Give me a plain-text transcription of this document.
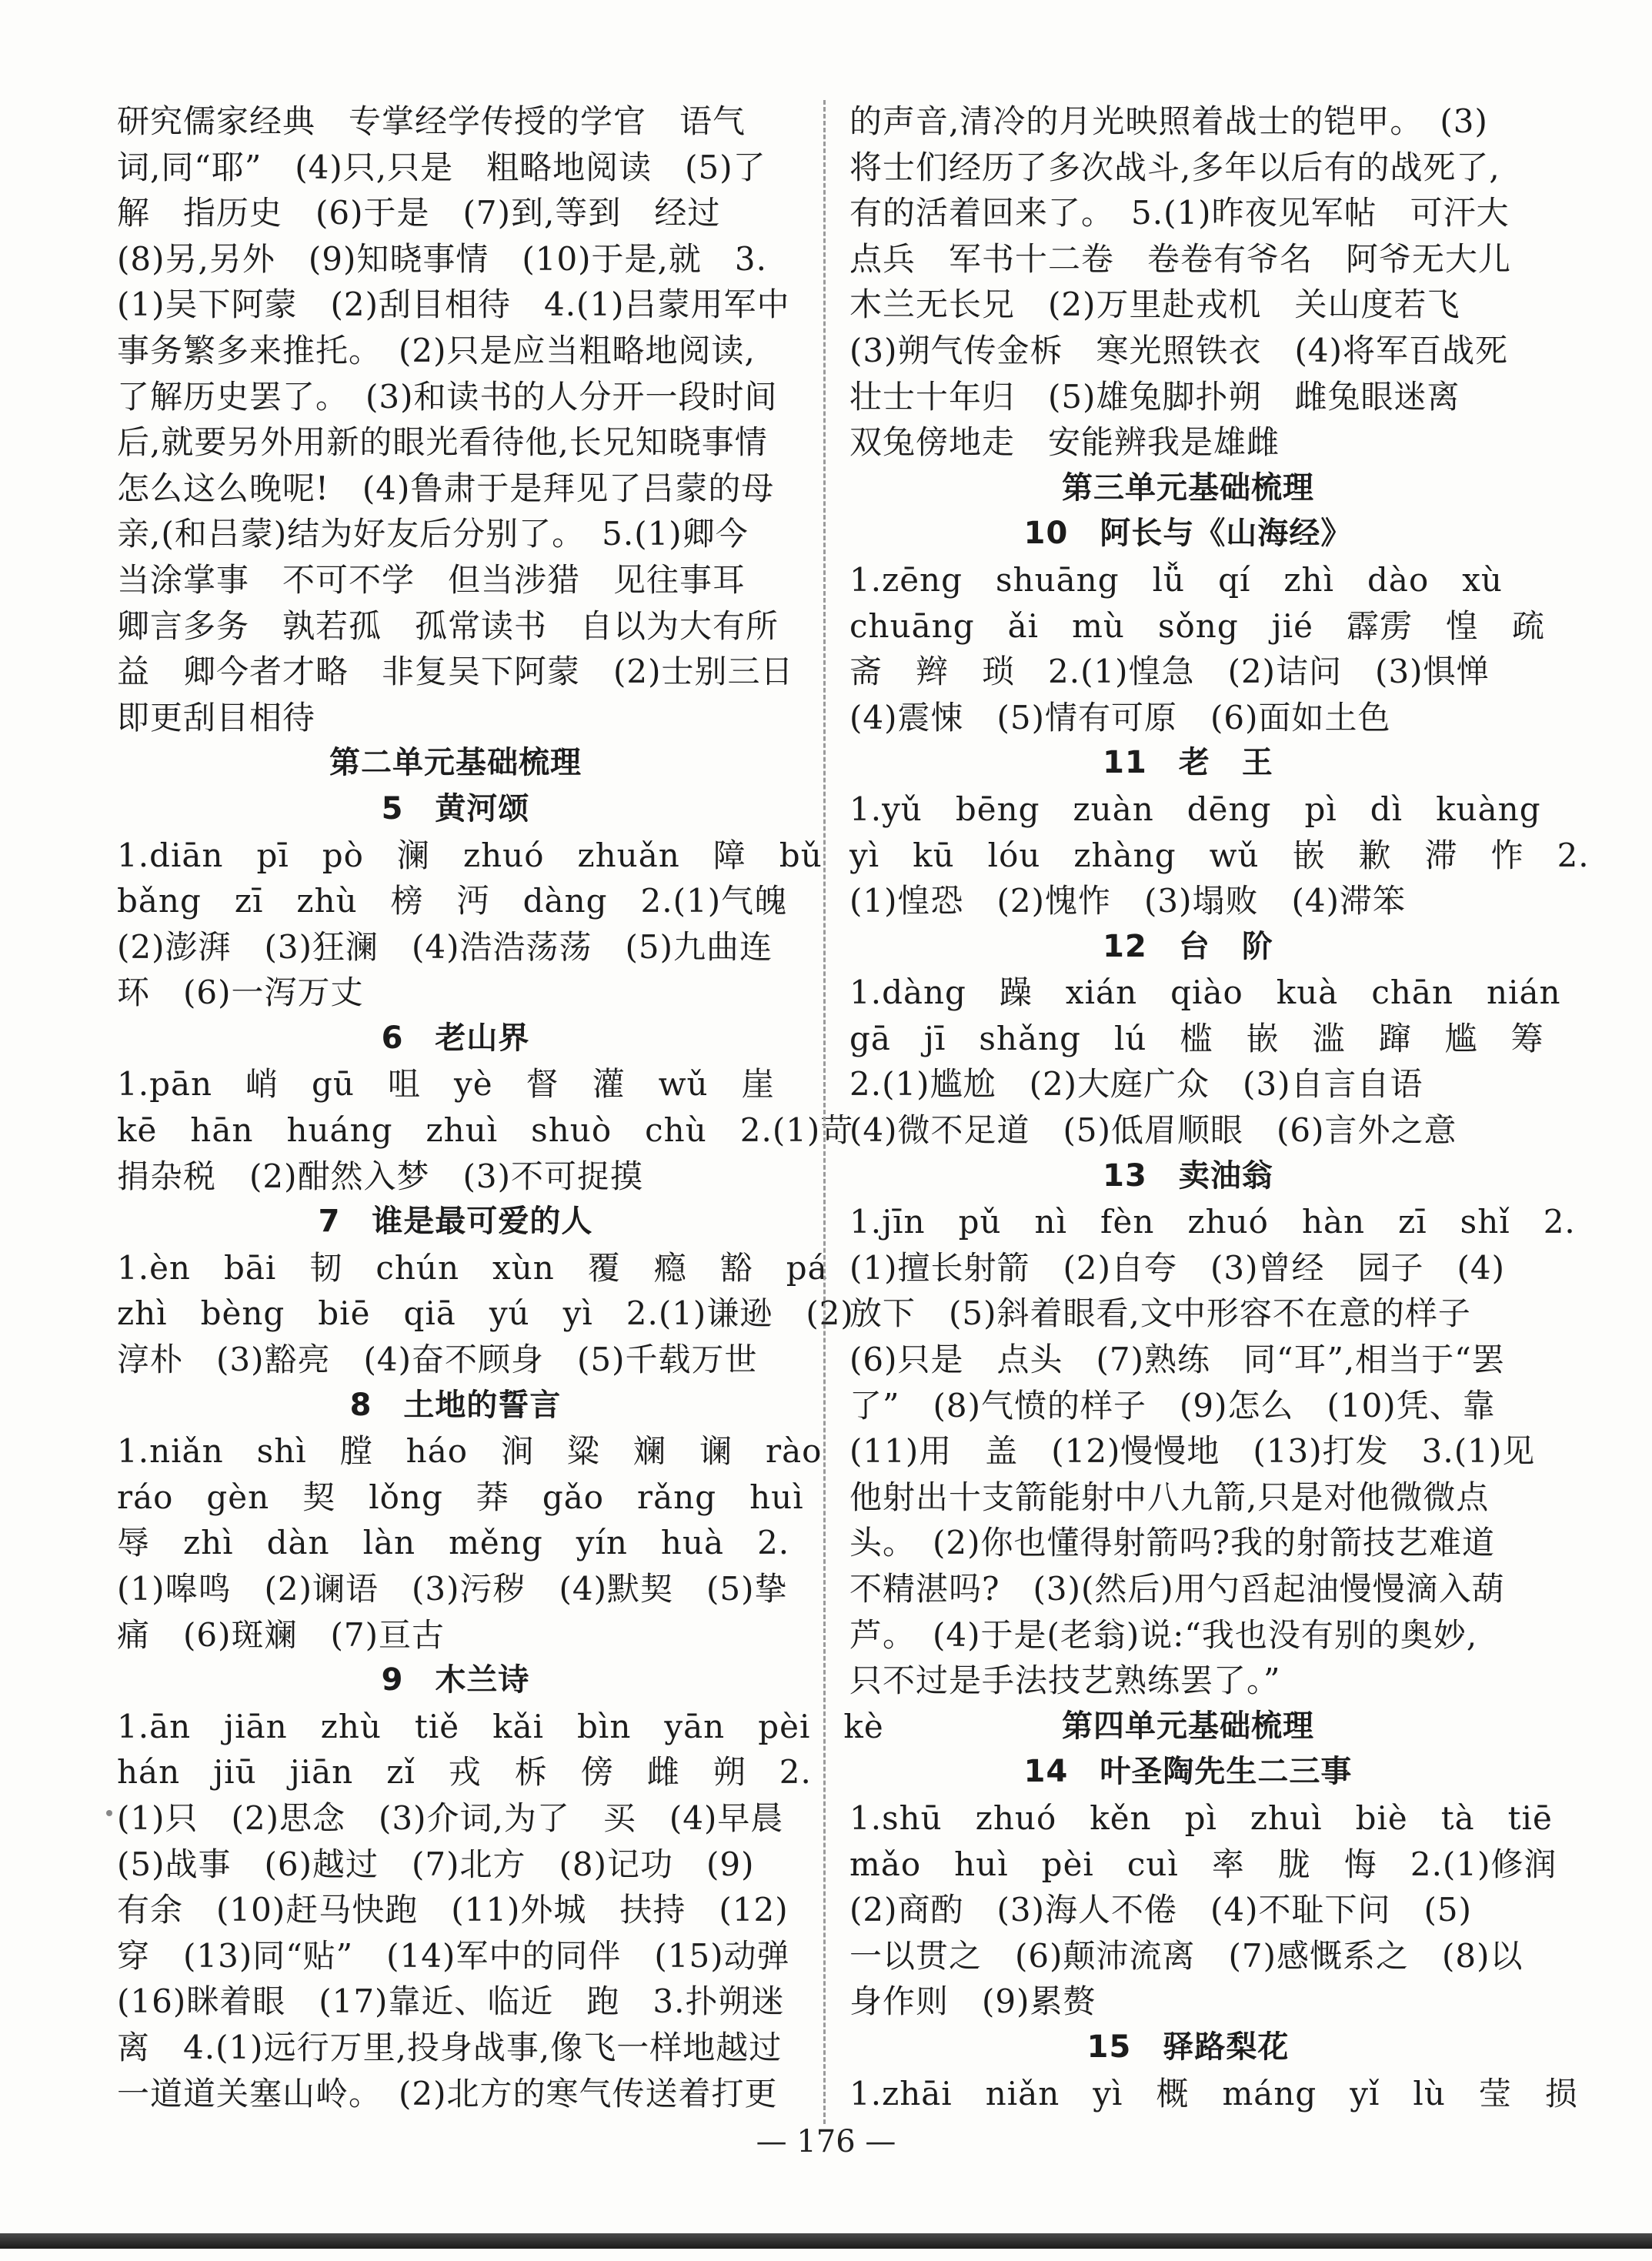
研究儒家经典　专掌经学传授的学官　语气
词,同“耶”　(4)只,只是　粗略地阅读　(5)了
解　指历史　(6)于是　(7)到,等到　经过
(8)另,另外　(9)知晓事情　(10)于是,就　3.
(1)吴下阿蒙　(2)刮目相待　4.(1)吕蒙用军中
事务繁多来推托。　(2)只是应当粗略地阅读,
了解历史罢了。　(3)和读书的人分开一段时间
后,就要另外用新的眼光看待他,长兄知晓事情
怎么这么晚呢!　(4)鲁肃于是拜见了吕蒙的母
亲,(和吕蒙)结为好友后分别了。　5.(1)卿今
当涂掌事　不可不学　但当涉猎　见往事耳
卿言多务　孰若孤　孤常读书　自以为大有所
益　卿今者才略　非复吴下阿蒙　(2)士别三日
即更刮目相待
第二单元基础梳理
5　黄河颂
1.diān　pī　pò　澜　zhuó　zhuǎn　障　bǔ
bǎng　zī　zhù　榜　沔　dàng　2.(1)气魄
(2)澎湃　(3)狂澜　(4)浩浩荡荡　(5)九曲连
环　(6)一泻万丈
6　老山界
1.pān　峭　gū　咀　yè　督　灌　wǔ　崖
kē　hān　huáng　zhuì　shuò　chù　2.(1)苛
捐杂税　(2)酣然入梦　(3)不可捉摸
7　谁是最可爱的人
1.èn　bāi　韧　chún　xùn　覆　瘾　豁　pá
zhì　bèng　biē　qiā　yú　yì　2.(1)谦逊　(2)
淳朴　(3)豁亮　(4)奋不顾身　(5)千载万世
8　土地的誓言
1.niǎn　shì　膛　háo　涧　粱　斓　谰　rào
ráo　gèn　契　lǒng　莽　gǎo　rǎng　huì
辱　zhì　dàn　làn　měng　yín　huà　2.
(1)嗥鸣　(2)谰语　(3)污秽　(4)默契　(5)挚
痛　(6)斑斓　(7)亘古
9　木兰诗
1.ān　jiān　zhù　tiě　kǎi　bìn　yān　pèi　kè
hán　jiū　jiān　zǐ　戎　柝　傍　雌　朔　2.
(1)只　(2)思念　(3)介词,为了　买　(4)早晨
(5)战事　(6)越过　(7)北方　(8)记功　(9)
有余　(10)赶马快跑　(11)外城　扶持　(12)
穿　(13)同“贴”　(14)军中的同伴　(15)动弹
(16)眯着眼　(17)靠近、临近　跑　3.扑朔迷
离　4.(1)远行万里,投身战事,像飞一样地越过
一道道关塞山岭。　(2)北方的寒气传送着打更
的声音,清冷的月光映照着战士的铠甲。　(3)
将士们经历了多次战斗,多年以后有的战死了,
有的活着回来了。　5.(1)昨夜见军帖　可汗大
点兵　军书十二卷　卷卷有爷名　阿爷无大儿
木兰无长兄　(2)万里赴戎机　关山度若飞
(3)朔气传金柝　寒光照铁衣　(4)将军百战死
壮士十年归　(5)雄兔脚扑朔　雌兔眼迷离
双兔傍地走　安能辨我是雄雌
第三单元基础梳理
10　阿长与《山海经》
1.zēng　shuāng　lǚ　qí　zhì　dào　xù
chuāng　ǎi　mù　sǒng　jié　霹雳　惶　疏
斋　辫　琐　2.(1)惶急　(2)诘问　(3)惧惮
(4)震悚　(5)情有可原　(6)面如土色
11　老　王
1.yǔ　bēng　zuàn　dēng　pì　dì　kuàng
yì　kū　lóu　zhàng　wǔ　嵌　歉　滞　怍　2.
(1)惶恐　(2)愧怍　(3)塌败　(4)滞笨
12　台　阶
1.dàng　躁　xián　qiào　kuà　chān　nián
gā　jī　shǎng　lú　槛　嵌　滥　蹿　尴　筹
2.(1)尴尬　(2)大庭广众　(3)自言自语
(4)微不足道　(5)低眉顺眼　(6)言外之意
13　卖油翁
1.jīn　pǔ　nì　fèn　zhuó　hàn　zī　shǐ　2.
(1)擅长射箭　(2)自夸　(3)曾经　园子　(4)
放下　(5)斜着眼看,文中形容不在意的样子
(6)只是　点头　(7)熟练　同“耳”,相当于“罢
了”　(8)气愤的样子　(9)怎么　(10)凭、靠
(11)用　盖　(12)慢慢地　(13)打发　3.(1)见
他射出十支箭能射中八九箭,只是对他微微点
头。　(2)你也懂得射箭吗?我的射箭技艺难道
不精湛吗?　(3)(然后)用勺舀起油慢慢滴入葫
芦。　(4)于是(老翁)说:“我也没有别的奥妙,
只不过是手法技艺熟练罢了。”
第四单元基础梳理
14　叶圣陶先生二三事
1.shū　zhuó　kěn　pì　zhuì　biè　tà　tiē
mǎo　huì　pèi　cuì　率　胧　悔　2.(1)修润
(2)商酌　(3)海人不倦　(4)不耻下问　(5)
一以贯之　(6)颠沛流离　(7)感慨系之　(8)以
身作则　(9)累赘
15　驿路梨花
1.zhāi　niǎn　yì　概　máng　yǐ　lù　莹　损
— 176 —
